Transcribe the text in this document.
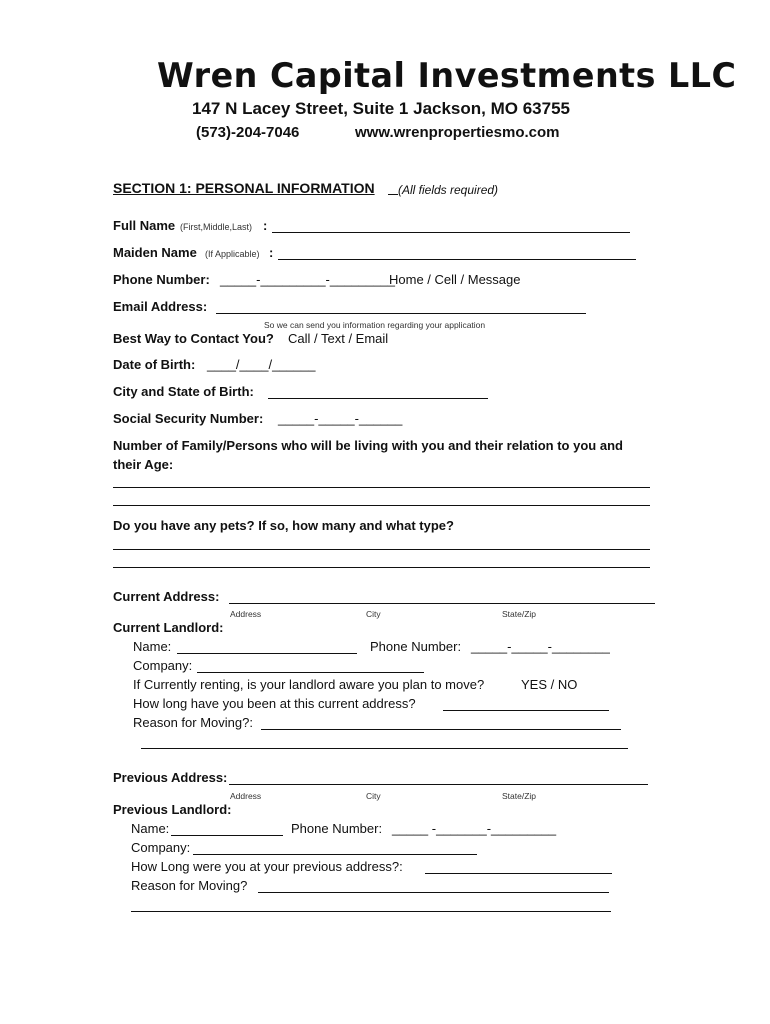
Wren Capital Investments LLC
147 N Lacey Street, Suite 1 Jackson, MO 63755
(573)-204-7046	www.wrenpropertiesmo.com
SECTION 1: PERSONAL INFORMATION (All fields required)
Full Name (First,Middle,Last) :
Maiden Name (If Applicable) :
Phone Number: _____-_________-_________
Home / Cell / Message
Email Address:
So we can send you information regarding your application
Best Way to Contact You? Call / Text / Email
Date of Birth: ____/____/______
City and State of Birth:
Social Security Number: _____-_____-______
Number of Family/Persons who will be living with you and their relation to you and
their Age:
Do you have any pets? If so, how many and what type?
Current Address:
Address	City	State/Zip
Current Landlord:
Name:	Phone Number: _____-_____-________
Company:
If Currently renting, is your landlord aware you plan to move?	YES / NO
How long have you been at this current address?
Reason for Moving?:
Previous Address:
Address	City	State/Zip
Previous Landlord:
Name:	Phone Number: _____ -_______-_________
Company:
How Long were you at your previous address?:
Reason for Moving?
